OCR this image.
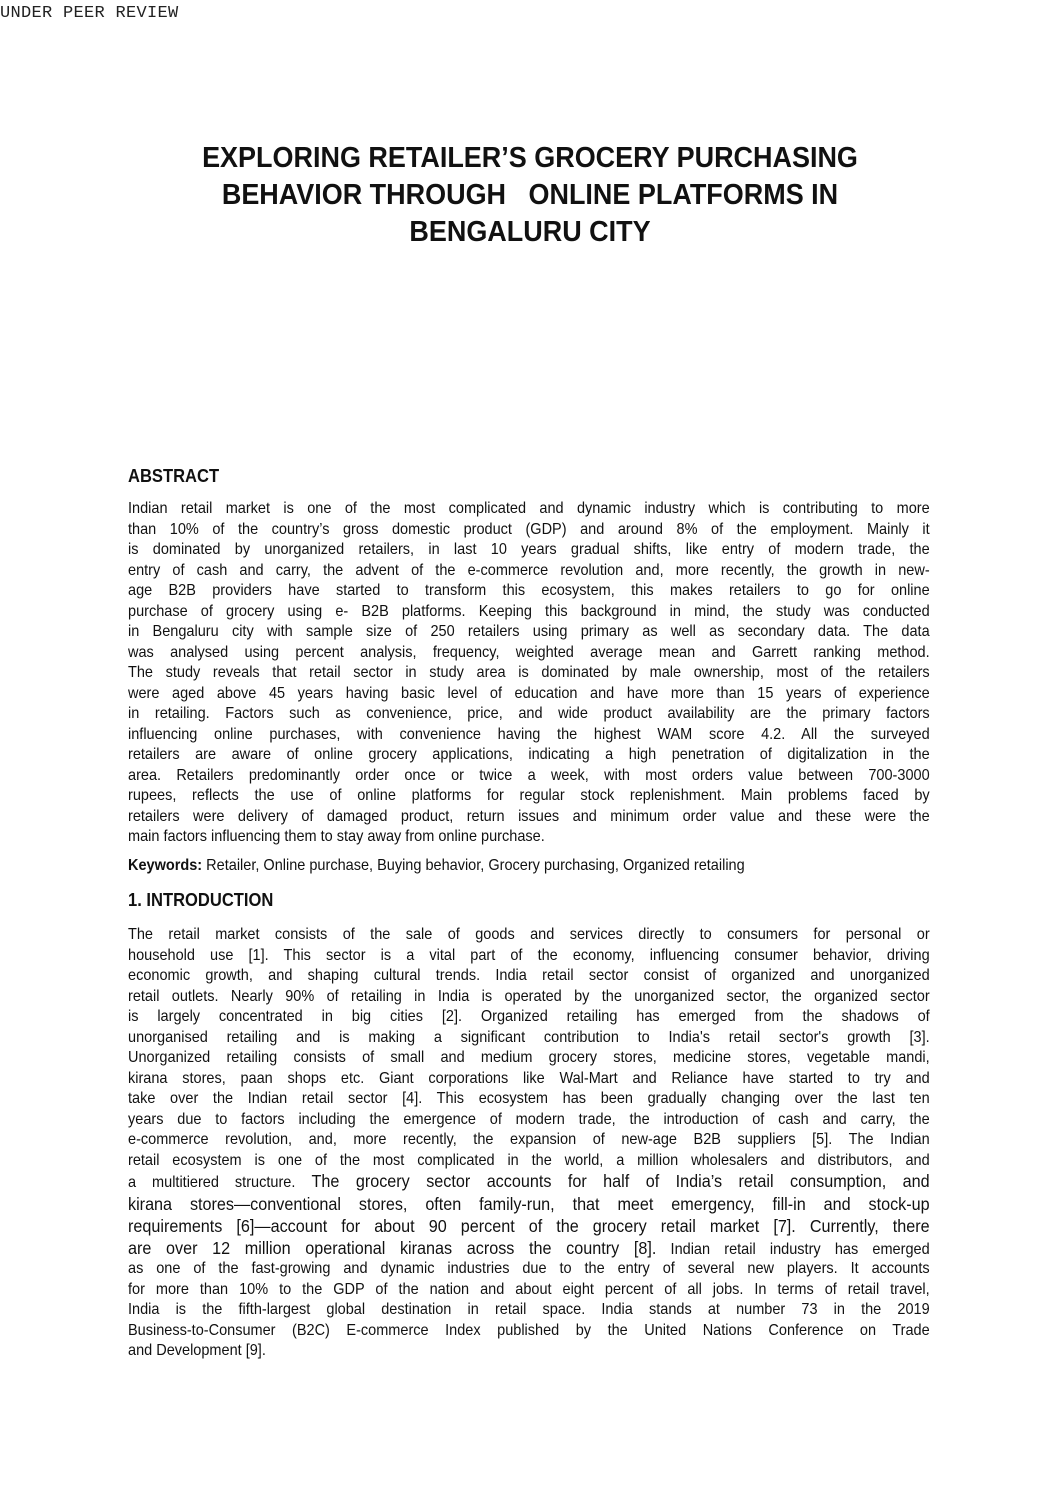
UNDER PEER REVIEW
EXPLORING RETAILER’S GROCERY PURCHASING
BEHAVIOR THROUGH   ONLINE PLATFORMS IN
BENGALURU CITY
ABSTRACT
Indian retail market is one of the most complicated and dynamic industry which is contributing to more
than 10% of the country’s gross domestic product (GDP) and around 8% of the employment. Mainly it
is dominated by unorganized retailers, in last 10 years gradual shifts, like entry of modern trade, the
entry of cash and carry, the advent of the e-commerce revolution and, more recently, the growth in new-
age B2B providers have started to transform this ecosystem, this makes retailers to go for online
purchase of grocery using e- B2B platforms. Keeping this background in mind, the study was conducted
in Bengaluru city with sample size of 250 retailers using primary as well as secondary data. The data
was analysed using percent analysis, frequency, weighted average mean and Garrett ranking method.
The study reveals that retail sector in study area is dominated by male ownership, most of the retailers
were aged above 45 years having basic level of education and have more than 15 years of experience
in retailing. Factors such as convenience, price, and wide product availability are the primary factors
influencing online purchases, with convenience having the highest WAM score 4.2. All the surveyed
retailers are aware of online grocery applications, indicating a high penetration of digitalization in the
area. Retailers predominantly order once or twice a week, with most orders value between 700-3000
rupees, reflects the use of online platforms for regular stock replenishment. Main problems faced by
retailers were delivery of damaged product, return issues and minimum order value and these were the
main factors influencing them to stay away from online purchase.
Keywords: Retailer, Online purchase, Buying behavior, Grocery purchasing, Organized retailing
1. INTRODUCTION
The retail market consists of the sale of goods and services directly to consumers for personal or
household use [1]. This sector is a vital part of the economy, influencing consumer behavior, driving
economic growth, and shaping cultural trends. India retail sector consist of organized and unorganized
retail outlets. Nearly 90% of retailing in India is operated by the unorganized sector, the organized sector
is largely concentrated in big cities [2]. Organized retailing has emerged from the shadows of
unorganised retailing and is making a significant contribution to India's retail sector's growth [3].
Unorganized retailing consists of small and medium grocery stores, medicine stores, vegetable mandi,
kirana stores, paan shops etc. Giant corporations like Wal-Mart and Reliance have started to try and
take over the Indian retail sector [4]. This ecosystem has been gradually changing over the last ten
years due to factors including the emergence of modern trade, the introduction of cash and carry, the
e-commerce revolution, and, more recently, the expansion of new-age B2B suppliers [5]. The Indian
retail ecosystem is one of the most complicated in the world, a million wholesalers and distributors, and
a multitiered structure. The grocery sector accounts for half of India’s retail consumption, and
kirana stores—conventional stores, often family-run, that meet emergency, fill-in and stock-up
requirements [6]—account for about 90 percent of the grocery retail market [7]. Currently, there
are over 12 million operational kiranas across the country [8]. Indian retail industry has emerged
as one of the fast-growing and dynamic industries due to the entry of several new players. It accounts
for more than 10% to the GDP of the nation and about eight percent of all jobs. In terms of retail travel,
India is the fifth-largest global destination in retail space. India stands at number 73 in the 2019
Business-to-Consumer (B2C) E-commerce Index published by the United Nations Conference on Trade
and Development [9].
